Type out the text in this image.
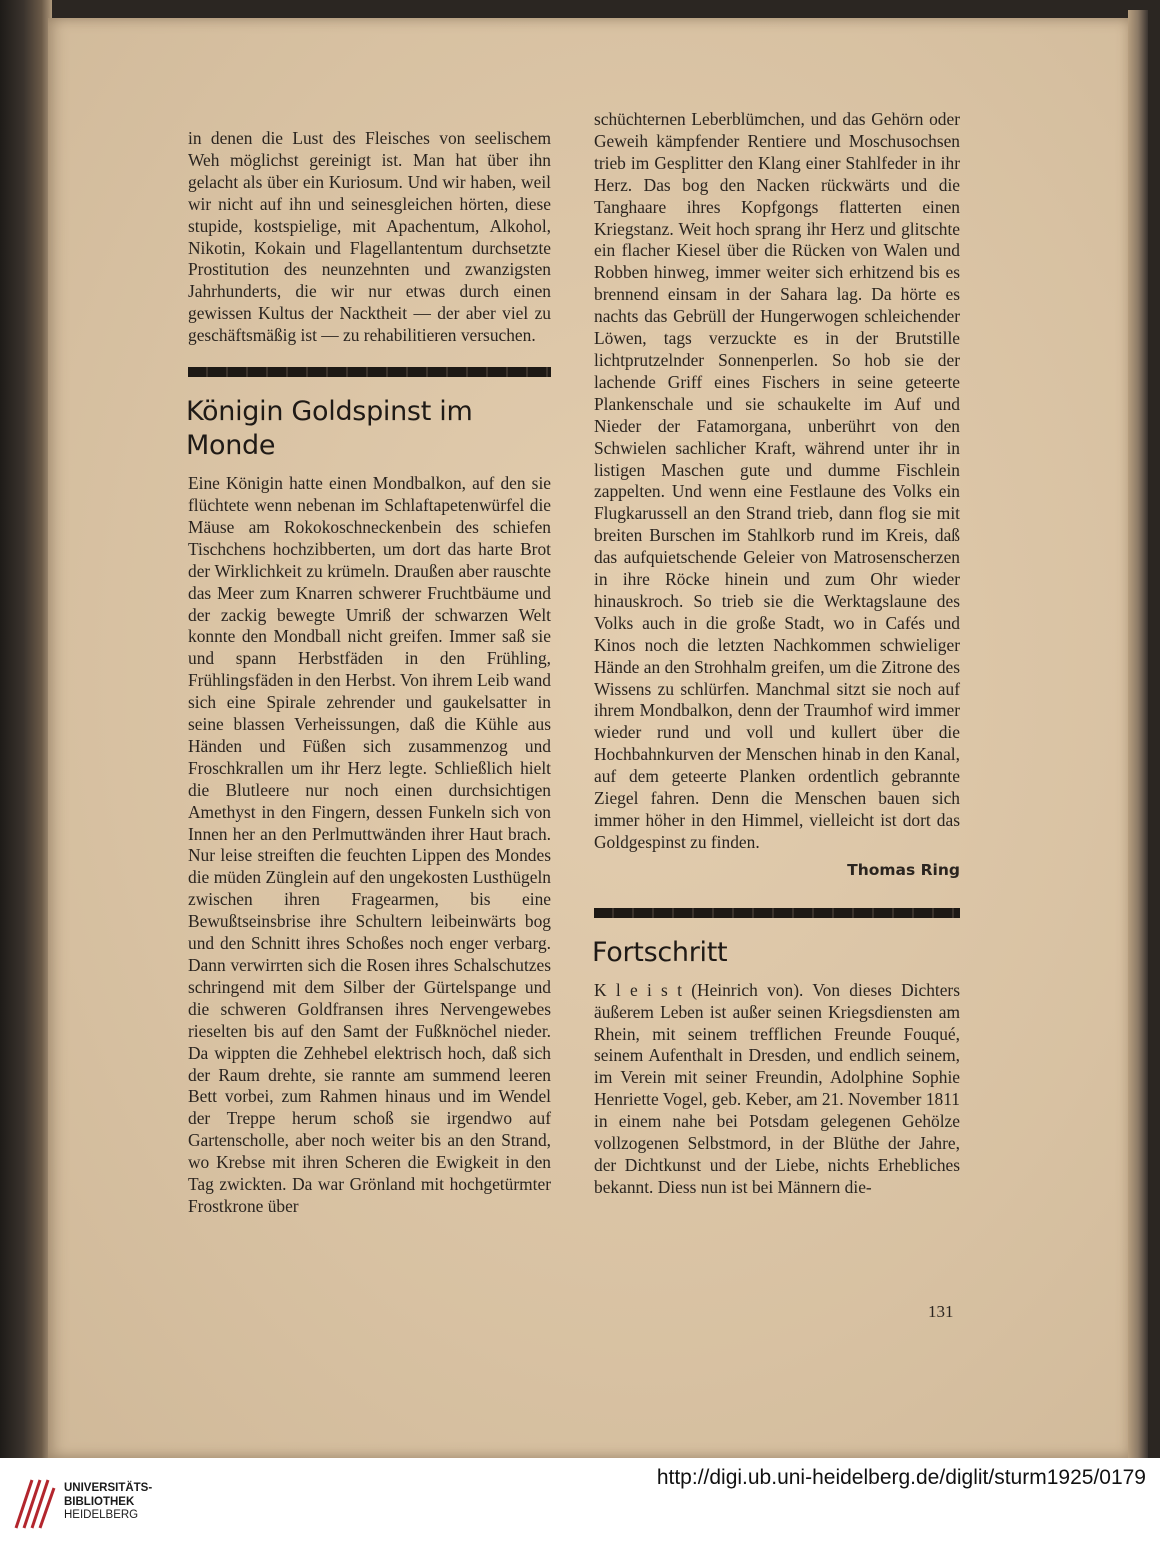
in denen die Lust des Fleisches von seelischem Weh möglichst gereinigt ist. Man hat über ihn gelacht als über ein Kuriosum. Und wir haben, weil wir nicht auf ihn und seinesgleichen hörten, diese stupide, kostspielige, mit Apachentum, Alkohol, Nikotin, Kokain und Flagellantentum durchsetzte Prostitution des neunzehnten und zwanzigsten Jahrhunderts, die wir nur etwas durch einen gewissen Kultus der Nacktheit — der aber viel zu geschäftsmäßig ist — zu rehabilitieren versuchen.

Königin Goldspinst im Monde

Eine Königin hatte einen Mondbalkon, auf den sie flüchtete wenn nebenan im Schlaftapetenwürfel die Mäuse am Rokokoschneckenbein des schiefen Tischchens hochzibberten, um dort das harte Brot der Wirklichkeit zu krümeln. Draußen aber rauschte das Meer zum Knarren schwerer Fruchtbäume und der zackig bewegte Umriß der schwarzen Welt konnte den Mondball nicht greifen. Immer saß sie und spann Herbstfäden in den Frühling, Frühlingsfäden in den Herbst. Von ihrem Leib wand sich eine Spirale zehrender und gaukelsatter in seine blassen Verheissungen, daß die Kühle aus Händen und Füßen sich zusammenzog und Froschkrallen um ihr Herz legte. Schließlich hielt die Blutleere nur noch einen durchsichtigen Amethyst in den Fingern, dessen Funkeln sich von Innen her an den Perlmuttwänden ihrer Haut brach. Nur leise streiften die feuchten Lippen des Mondes die müden Zünglein auf den ungekosten Lusthügeln zwischen ihren Fragearmen, bis eine Bewußtseinsbrise ihre Schultern leibeinwärts bog und den Schnitt ihres Schoßes noch enger verbarg. Dann verwirrten sich die Rosen ihres Schalschutzes schringend mit dem Silber der Gürtelspange und die schweren Goldfransen ihres Nervengewebes rieselten bis auf den Samt der Fußknöchel nieder. Da wippten die Zehhebel elektrisch hoch, daß sich der Raum drehte, sie rannte am summend leeren Bett vorbei, zum Rahmen hinaus und im Wendel der Treppe herum schoß sie irgendwo auf Gartenscholle, aber noch weiter bis an den Strand, wo Krebse mit ihren Scheren die Ewigkeit in den Tag zwickten. Da war Grönland mit hochgetürmter Frostkrone über

schüchternen Leberblümchen, und das Gehörn oder Geweih kämpfender Rentiere und Moschusochsen trieb im Gesplitter den Klang einer Stahlfeder in ihr Herz. Das bog den Nacken rückwärts und die Tanghaare ihres Kopfgongs flatterten einen Kriegstanz. Weit hoch sprang ihr Herz und glitschte ein flacher Kiesel über die Rücken von Walen und Robben hinweg, immer weiter sich erhitzend bis es brennend einsam in der Sahara lag. Da hörte es nachts das Gebrüll der Hungerwogen schleichender Löwen, tags verzuckte es in der Brutstille lichtprutzelnder Sonnenperlen. So hob sie der lachende Griff eines Fischers in seine geteerte Plankenschale und sie schaukelte im Auf und Nieder der Fatamorgana, unberührt von den Schwielen sachlicher Kraft, während unter ihr in listigen Maschen gute und dumme Fischlein zappelten. Und wenn eine Festlaune des Volks ein Flugkarussell an den Strand trieb, dann flog sie mit breiten Burschen im Stahlkorb rund im Kreis, daß das aufquietschende Geleier von Matrosenscherzen in ihre Röcke hinein und zum Ohr wieder hinauskroch. So trieb sie die Werktagslaune des Volks auch in die große Stadt, wo in Cafés und Kinos noch die letzten Nachkommen schwieliger Hände an den Strohhalm greifen, um die Zitrone des Wissens zu schlürfen. Manchmal sitzt sie noch auf ihrem Mondbalkon, denn der Traumhof wird immer wieder rund und voll und kullert über die Hochbahnkurven der Menschen hinab in den Kanal, auf dem geteerte Planken ordentlich gebrannte Ziegel fahren. Denn die Menschen bauen sich immer höher in den Himmel, vielleicht ist dort das Goldgespinst zu finden.

Thomas Ring
Fortschritt

K l e i s t (Heinrich von). Von dieses Dichters äußerem Leben ist außer seinen Kriegsdiensten am Rhein, mit seinem trefflichen Freunde Fouqué, seinem Aufenthalt in Dresden, und endlich seinem, im Verein mit seiner Freundin, Adolphine Sophie Henriette Vogel, geb. Keber, am 21. November 1811 in einem nahe bei Potsdam gelegenen Gehölze vollzogenen Selbstmord, in der Blüthe der Jahre, der Dichtkunst und der Liebe, nichts Erhebliches bekannt. Diess nun ist bei Männern die-

131
UNIVERSITÄTS-
BIBLIOTHEK
HEIDELBERG
http://digi.ub.uni-heidelberg.de/diglit/sturm1925/0179
